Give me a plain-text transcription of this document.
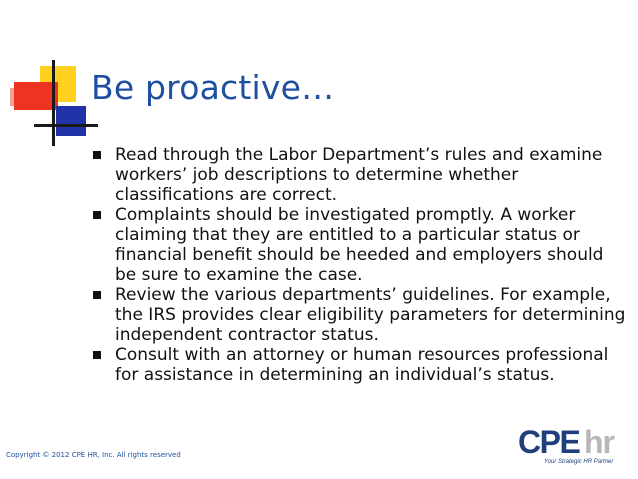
Be proactive…
Read through the Labor Department’s rules and examine workers’ job descriptions to determine whether classifications are correct.
Complaints should be investigated promptly. A worker claiming that they are entitled to a particular status or financial benefit should be heeded and employers should be sure to examine the case.
Review the various departments’ guidelines. For example, the IRS provides clear eligibility parameters for determining independent contractor status.
Consult with an attorney or human resources professional for assistance in determining an individual’s status.
Copyright © 2012 CPE HR, Inc. All rights reserved	CPE hr
Your Strategic HR Partner
